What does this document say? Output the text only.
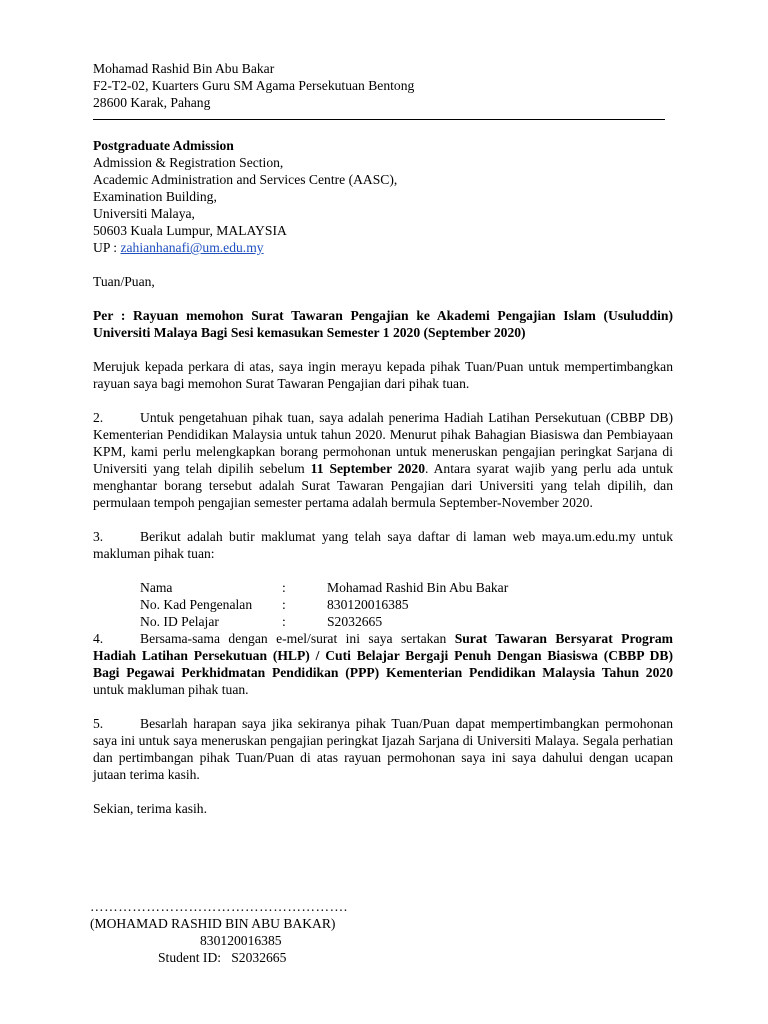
Mohamad Rashid Bin Abu Bakar
F2-T2-02, Kuarters Guru SM Agama Persekutuan Bentong
28600 Karak, Pahang
Postgraduate Admission
Admission & Registration Section,
Academic Administration and Services Centre (AASC),
Examination Building,
Universiti Malaya,
50603 Kuala Lumpur, MALAYSIA
UP : zahianhanafi@um.edu.my
Tuan/Puan,
Per : Rayuan memohon Surat Tawaran Pengajian ke Akademi Pengajian Islam (Usuluddin) Universiti Malaya Bagi Sesi kemasukan Semester 1 2020 (September 2020)
Merujuk kepada perkara di atas, saya ingin merayu kepada pihak Tuan/Puan untuk mempertimbangkan rayuan saya bagi memohon Surat Tawaran Pengajian dari pihak tuan.
2.	Untuk pengetahuan pihak tuan, saya adalah penerima Hadiah Latihan Persekutuan (CBBP DB) Kementerian Pendidikan Malaysia untuk tahun 2020. Menurut pihak Bahagian Biasiswa dan Pembiayaan KPM, kami perlu melengkapkan borang permohonan untuk meneruskan pengajian peringkat Sarjana di Universiti yang telah dipilih sebelum 11 September 2020. Antara syarat wajib yang perlu ada untuk menghantar borang tersebut adalah Surat Tawaran Pengajian dari Universiti yang telah dipilih, dan permulaan tempoh pengajian semester pertama adalah bermula September-November 2020.
3.	Berikut adalah butir maklumat yang telah saya daftar di laman web maya.um.edu.my untuk makluman pihak tuan:
Nama	:	Mohamad Rashid Bin Abu Bakar
No. Kad Pengenalan	:	830120016385
No. ID Pelajar	:	S2032665
4.	Bersama-sama dengan e-mel/surat ini saya sertakan Surat Tawaran Bersyarat Program Hadiah Latihan Persekutuan (HLP) / Cuti Belajar Bergaji Penuh Dengan Biasiswa (CBBP DB) Bagi Pegawai Perkhidmatan Pendidikan (PPP) Kementerian Pendidikan Malaysia Tahun 2020 untuk makluman pihak tuan.
5.	Besarlah harapan saya jika sekiranya pihak Tuan/Puan dapat mempertimbangkan permohonan saya ini untuk saya meneruskan pengajian peringkat Ijazah Sarjana di Universiti Malaya. Segala perhatian dan pertimbangan pihak Tuan/Puan di atas rayuan permohonan saya ini saya dahului dengan ucapan jutaan terima kasih.
Sekian, terima kasih.
……………………………………………….
(MOHAMAD RASHID BIN ABU BAKAR)
830120016385
Student ID:   S2032665
